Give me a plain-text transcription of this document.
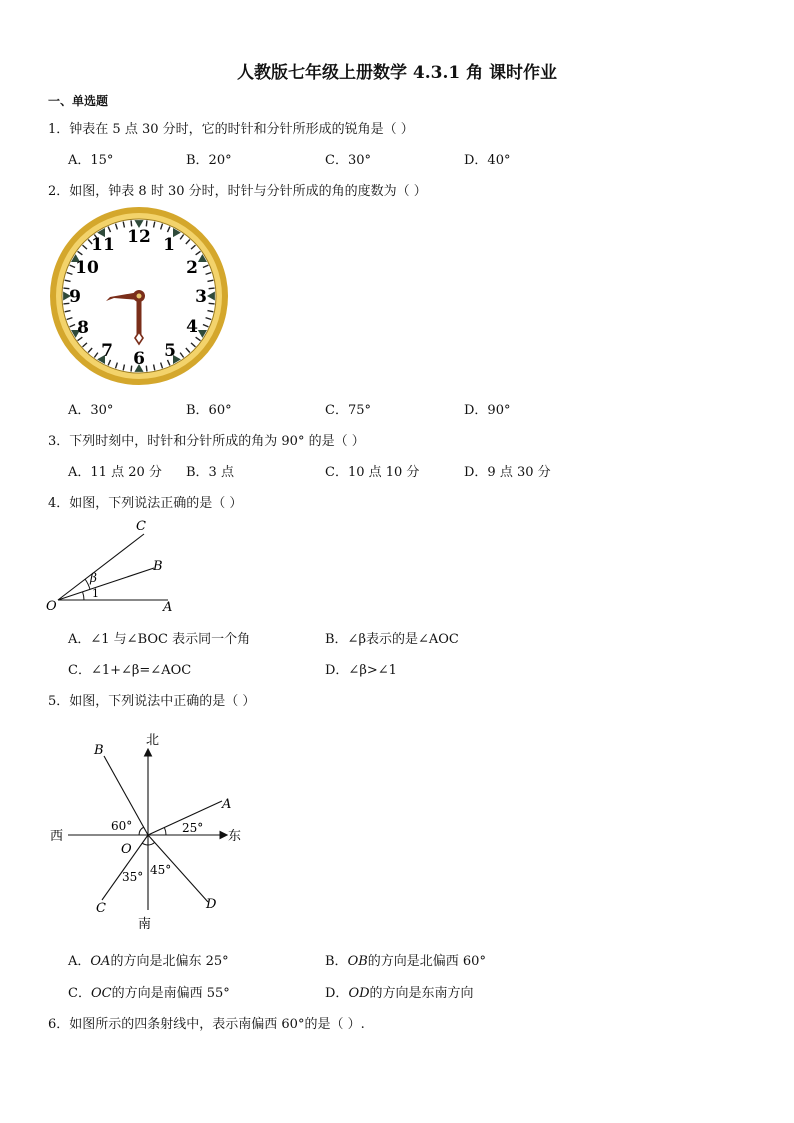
人教版七年级上册数学 4.3.1 角 课时作业
一、单选题
1．钟表在 5 点 30 分时，它的时针和分针所形成的锐角是（ ）
A．15°	B．20°	C．30°	D．40°
2．如图，钟表 8 时 30 分时，时针与分针所成的角的度数为（ ）
12 1
2
3
4
5
6
7
8
9
10
11
A．30°	B．60°	C．75°	D．90°
3．下列时刻中，时针和分针所成的角为 90° 的是（ ）
A．11 点 20 分 B．3 点	C．10 点 10 分	D．9 点 30 分
4．如图，下列说法正确的是（ ）
C
B
O	A
β
1
A．∠1 与∠BOC 表示同一个角	B．∠β表示的是∠AOC
C．∠1+∠β=∠AOC	D．∠β>∠1
5．如图，下列说法中正确的是（ ）
北
南
东
西
A
B
C	D
O
60°	25°
35° 45°
A．OA的方向是北偏东 25°	B．OB的方向是北偏西 60°
C．OC的方向是南偏西 55°	D．OD的方向是东南方向
6．如图所示的四条射线中，表示南偏西 60°的是（ ）.
